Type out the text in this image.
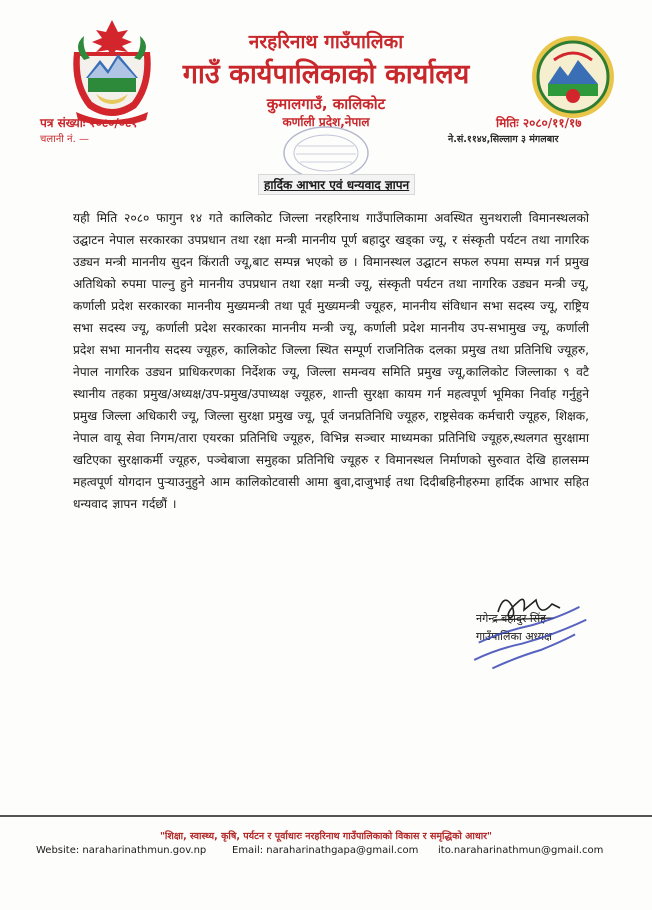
नरहरिनाथ गाउँपालिका
गाउँ कार्यपालिकाको कार्यालय
कुमालगाउँ, कालिकोट
कर्णाली प्रदेश,नेपाल
पत्र संख्याः २०८०/०८१
चलानी नं. —
मितिः २०८०/११/१७
ने.सं.११४४,सिल्लाग ३ मंगलबार
हार्दिक आभार एवं धन्यवाद ज्ञापन
यही मिति २०८० फागुन १४ गते कालिकोट जिल्ला नरहरिनाथ गाउँपालिकामा अवस्थित सुनथराली विमानस्थलको उद्घाटन नेपाल सरकारका उपप्रधान तथा रक्षा मन्त्री माननीय पूर्ण बहादुर खड्का ज्यू, र संस्कृती पर्यटन तथा नागरिक उड्यन मन्त्री माननीय सुदन किंराती ज्यू,बाट सम्पन्न भएको छ । विमानस्थल उद्घाटन सफल रुपमा सम्पन्न गर्न प्रमुख अतिथिको रुपमा पाल्नु हुने माननीय उपप्रधान तथा रक्षा मन्त्री ज्यू, संस्कृती पर्यटन तथा नागरिक उड्यन मन्त्री ज्यू, कर्णाली प्रदेश सरकारका माननीय मुख्यमन्त्री तथा पूर्व मुख्यमन्त्री ज्यूहरु, माननीय संविधान सभा सदस्य ज्यू, राष्ट्रिय सभा सदस्य ज्यू, कर्णाली प्रदेश सरकारका माननीय मन्त्री ज्यू, कर्णाली प्रदेश माननीय उप-सभामुख ज्यू, कर्णाली प्रदेश सभा माननीय सदस्य ज्यूहरु, कालिकोट जिल्ला स्थित सम्पूर्ण राजनितिक दलका प्रमुख तथा प्रतिनिधि ज्यूहरु, नेपाल नागरिक उड्यन प्राधिकरणका निर्देशक ज्यू, जिल्ला समन्वय समिति प्रमुख ज्यू,कालिकोट जिल्लाका ९ वटै स्थानीय तहका प्रमुख/अध्यक्ष/उप-प्रमुख/उपाध्यक्ष ज्यूहरु, शान्ती सुरक्षा कायम गर्न महत्वपूर्ण भूमिका निर्वाह गर्नुहुने प्रमुख जिल्ला अधिकारी ज्यू, जिल्ला सुरक्षा प्रमुख ज्यू, पूर्व जनप्रतिनिधि ज्यूहरु, राष्ट्रसेवक कर्मचारी ज्यूहरु, शिक्षक, नेपाल वायू सेवा निगम/तारा एयरका प्रतिनिधि ज्यूहरु, विभिन्न सञ्चार माध्यमका प्रतिनिधि ज्यूहरु,स्थलगत सुरक्षामा खटिएका सुरक्षाकर्मी ज्यूहरु, पञ्चेबाजा समुहका प्रतिनिधि ज्यूहरु र विमानस्थल निर्माणको सुरुवात देखि हालसम्म महत्वपूर्ण योगदान पुर्‍याउनुहुने आम कालिकोटवासी आमा बुवा,दाजुभाई तथा दिदीबहिनीहरुमा हार्दिक आभार सहित धन्यवाद ज्ञापन गर्दछौं ।
नगेन्द्र बहादुर सिंह
गाउँपालिका अध्यक्ष
"शिक्षा, स्वास्थ्य, कृषि, पर्यटन र पूर्वाधारः नरहरिनाथ गाउँपालिकाको विकास र समृद्धिको आधार"
Website: naraharinathmun.gov.np	Email: naraharinathgapa@gmail.com ito.naraharinathmun@gmail.com
